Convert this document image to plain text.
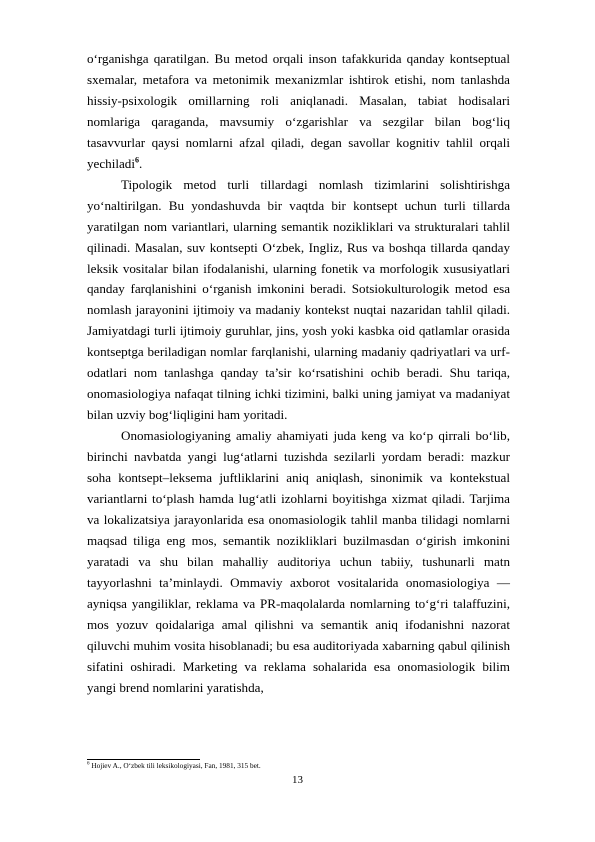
o‘rganishga qaratilgan. Bu metod orqali inson tafakkurida qanday kontseptual sxemalar, metafora va metonimik mexanizmlar ishtirok etishi, nom tanlashda hissiy-psixologik omillarning roli aniqlanadi. Masalan, tabiat hodisalari nomlariga qaraganda, mavsumiy o‘zgarishlar va sezgilar bilan bog‘liq tasavvurlar qaysi nomlarni afzal qiladi, degan savollar kognitiv tahlil orqali yechiladi$^6$.

Tipologik metod turli tillardagi nomlash tizimlarini solishtirishga yo‘naltirilgan. Bu yondashuvda bir vaqtda bir kontsept uchun turli tillarda yaratilgan nom variantlari, ularning semantik nozikliklari va strukturalari tahlil qilinadi. Masalan, suv kontsepti O‘zbek, Ingliz, Rus va boshqa tillarda qanday leksik vositalar bilan ifodalanishi, ularning fonetik va morfologik xususiyatlari qanday farqlanishini o‘rganish imkonini beradi. Sotsiokulturologik metod esa nomlash jarayonini ijtimoiy va madaniy kontekst nuqtai nazaridan tahlil qiladi. Jamiyatdagi turli ijtimoiy guruhlar, jins, yosh yoki kasbka oid qatlamlar orasida kontseptga beriladigan nomlar farqlanishi, ularning madaniy qadriyatlari va urf-odatlari nom tanlashga qanday ta’sir ko‘rsatishini ochib beradi. Shu tariqa, onomasiologiya nafaqat tilning ichki tizimini, balki uning jamiyat va madaniyat bilan uzviy bog‘liqligini ham yoritadi.

Onomasiologiyaning amaliy ahamiyati juda keng va ko‘p qirrali bo‘lib, birinchi navbatda yangi lug‘atlarni tuzishda sezilarli yordam beradi: mazkur soha kontsept–leksema juftliklarini aniq aniqlash, sinonimik va kontekstual variantlarni to‘plash hamda lug‘atli izohlarni boyitishga xizmat qiladi. Tarjima va lokalizatsiya jarayonlarida esa onomasiologik tahlil manba tilidagi nomlarni maqsad tiliga eng mos, semantik nozikliklari buzilmasdan o‘girish imkonini yaratadi va shu bilan mahalliy auditoriya uchun tabiiy, tushunarli matn tayyorlashni ta’minlaydi. Ommaviy axborot vositalarida onomasiologiya — ayniqsa yangiliklar, reklama va PR-maqolalarda nomlarning to‘g‘ri talaffuzini, mos yozuv qoidalariga amal qilishni va semantik aniq ifodanishni nazorat qiluvchi muhim vosita hisoblanadi; bu esa auditoriyada xabarning qabul qilinish sifatini oshiradi. Marketing va reklama sohalarida esa onomasiologik bilim yangi brend nomlarini yaratishda,

$^6$ Hojiev A., O‘zbek tili leksikologiyasi, Fan, 1981, 315 bet.
13
